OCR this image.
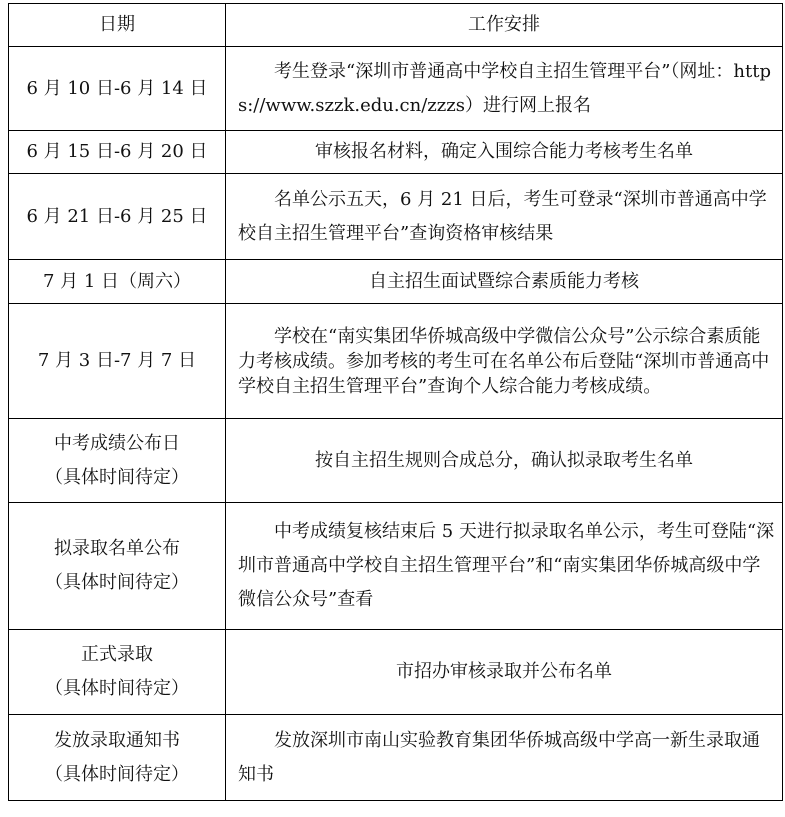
日期	工作安排
6 月 10 日-6 月 14 日	考生登录“深圳市普通高中学校自主招生管理平台”（网址：https://www.szzk.edu.cn/zzzs）进行网上报名
6 月 15 日-6 月 20 日	审核报名材料，确定入围综合能力考核考生名单
6 月 21 日-6 月 25 日	名单公示五天，6 月 21 日后，考生可登录“深圳市普通高中学校自主招生管理平台”查询资格审核结果
7 月 1 日（周六）	自主招生面试暨综合素质能力考核
7 月 3 日-7 月 7 日	学校在“南实集团华侨城高级中学微信公众号”公示综合素质能力考核成绩。参加考核的考生可在名单公布后登陆“深圳市普通高中学校自主招生管理平台”查询个人综合能力考核成绩。

中考成绩公布日
（具体时间待定）	按自主招生规则合成总分，确认拟录取考生名单

拟录取名单公布
（具体时间待定）	中考成绩复核结束后 5 天进行拟录取名单公示，考生可登陆“深圳市普通高中学校自主招生管理平台”和“南实集团华侨城高级中学微信公众号”查看

正式录取
（具体时间待定）	市招办审核录取并公布名单

发放录取通知书
（具体时间待定）	发放深圳市南山实验教育集团华侨城高级中学高一新生录取通知书
